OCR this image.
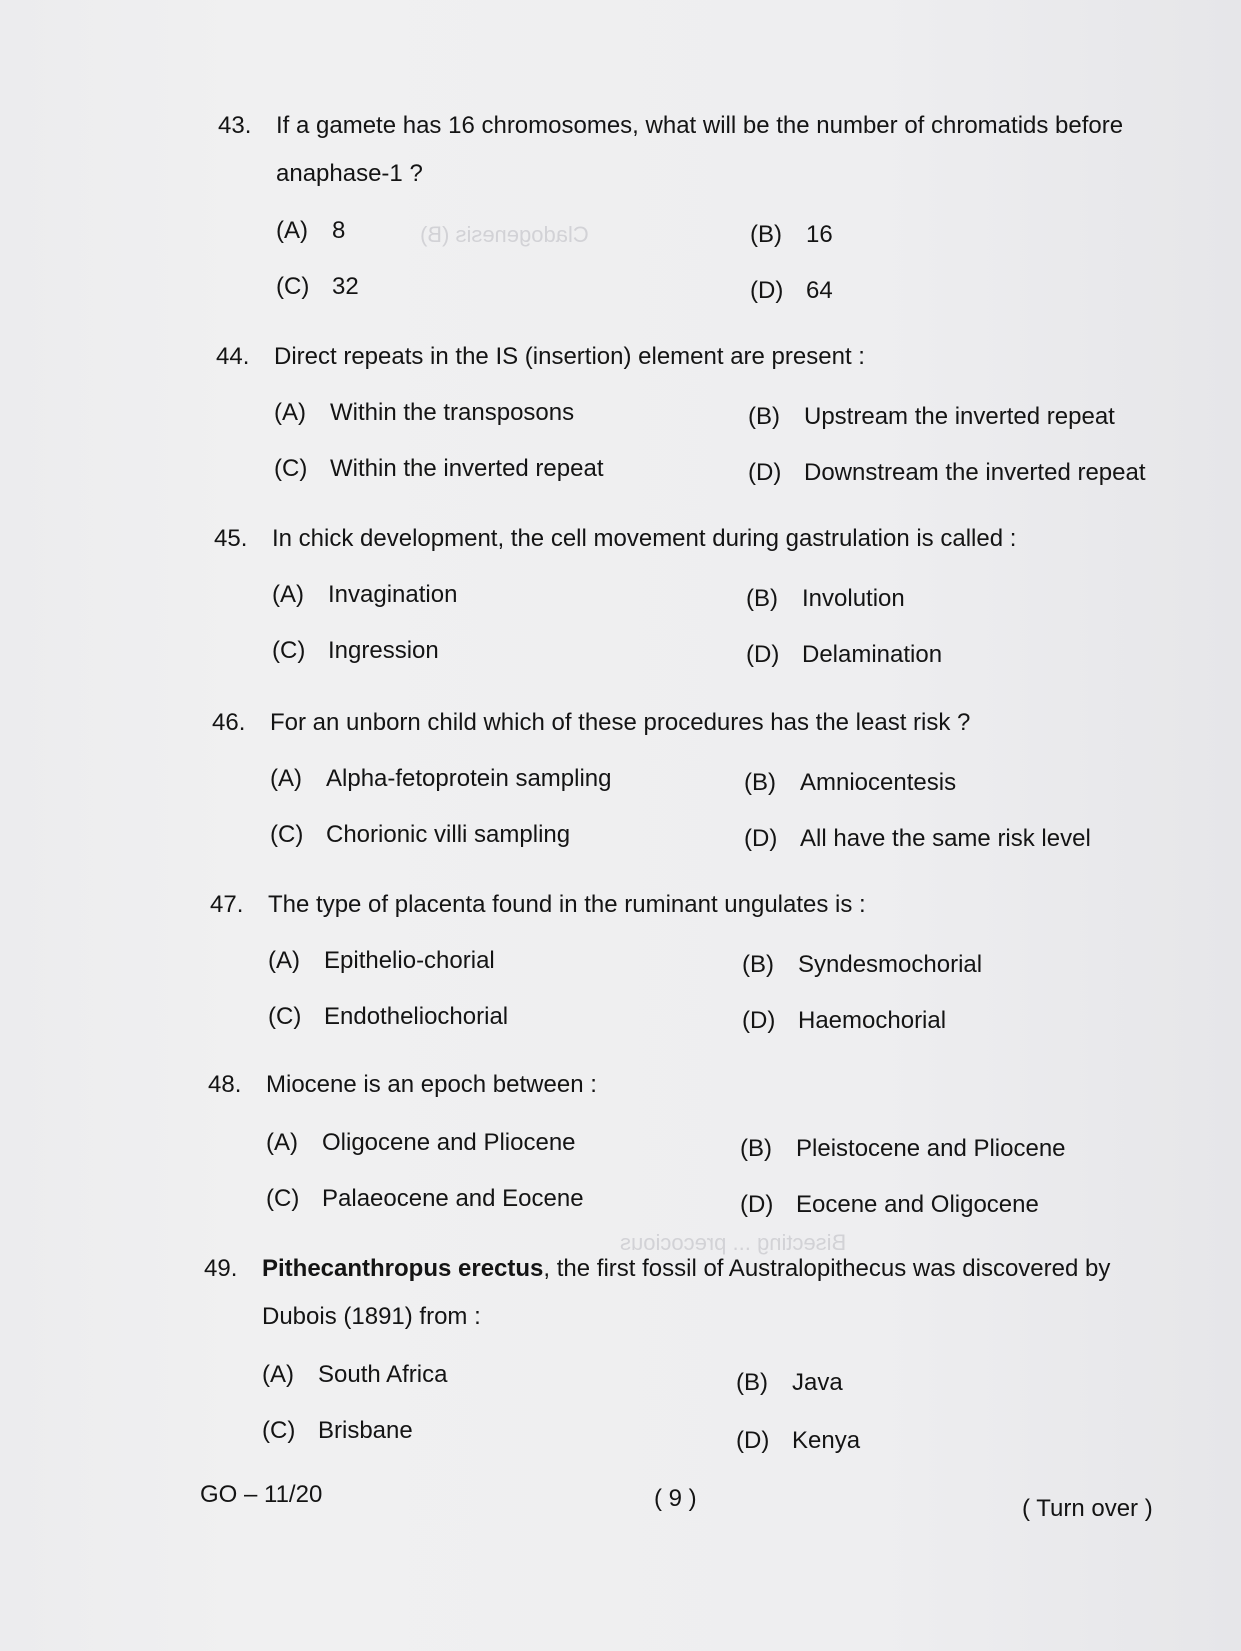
Cladogenesis (B)
Bisecting ... precocious
43. If a gamete has 16 chromosomes, what will be the number of chromatids before
anaphase-1 ?
(A) 8	(B) 16
(C) 32	(D) 64
44. Direct repeats in the IS (insertion) element are present :
(A) Within the transposons	(B) Upstream the inverted repeat
(C) Within the inverted repeat	(D) Downstream the inverted repeat
45. In chick development, the cell movement during gastrulation is called :
(A) Invagination	(B) Involution
(C) Ingression	(D) Delamination
46. For an unborn child which of these procedures has the least risk ?
(A) Alpha-fetoprotein sampling	(B) Amniocentesis
(C) Chorionic villi sampling	(D) All have the same risk level
47. The type of placenta found in the ruminant ungulates is :
(A) Epithelio-chorial	(B) Syndesmochorial
(C) Endotheliochorial	(D) Haemochorial
48. Miocene is an epoch between :
(A) Oligocene and Pliocene	(B) Pleistocene and Pliocene
(C) Palaeocene and Eocene	(D) Eocene and Oligocene
49. Pithecanthropus erectus, the first fossil of Australopithecus was discovered by
Dubois (1891) from :
(A) South Africa	(B) Java
(C) Brisbane	(D) Kenya
GO – 11/20	( 9 )	( Turn over )
